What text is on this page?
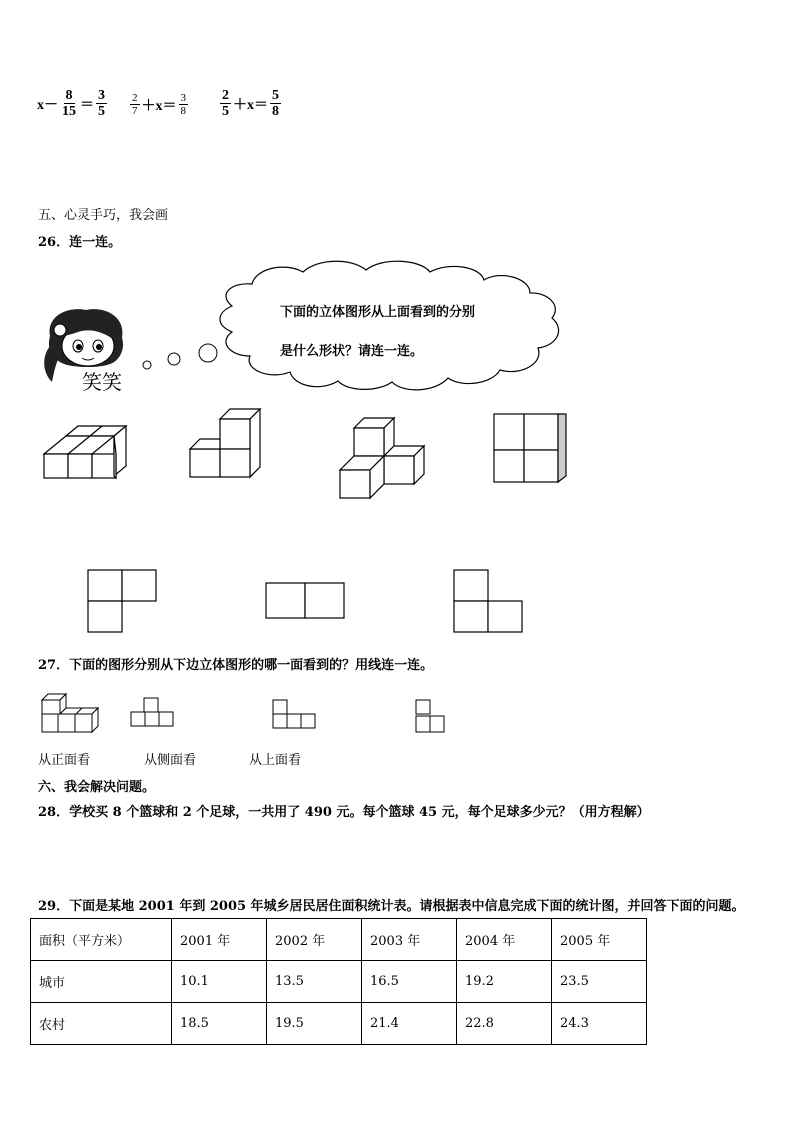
$x- \frac{8}{15} = \frac{3}{5} \frac{2}{7} +x= \frac{3}{8} \frac{2}{5} +x= \frac{5}{8}$
五、心灵手巧，我会画
26．连一连。
下面的立体图形从上面看到的分别
是什么形状？请连一连。
笑笑
27．下面的图形分别从下边立体图形的哪一面看到的？用线连一连。
从正面看	从侧面看	从上面看
六、我会解决问题。
28．学校买 8 个篮球和 2 个足球，一共用了 490 元。每个篮球 45 元，每个足球多少元？（用方程解）
29．下面是某地 2001 年到 2005 年城乡居民居住面积统计表。请根据表中信息完成下面的统计图，并回答下面的问题。
面积（平方米）	2001 年	2002 年	2003 年	2004 年	2005 年
城市	10.1	13.5	16.5	19.2	23.5
农村	18.5	19.5	21.4	22.8	24.3
